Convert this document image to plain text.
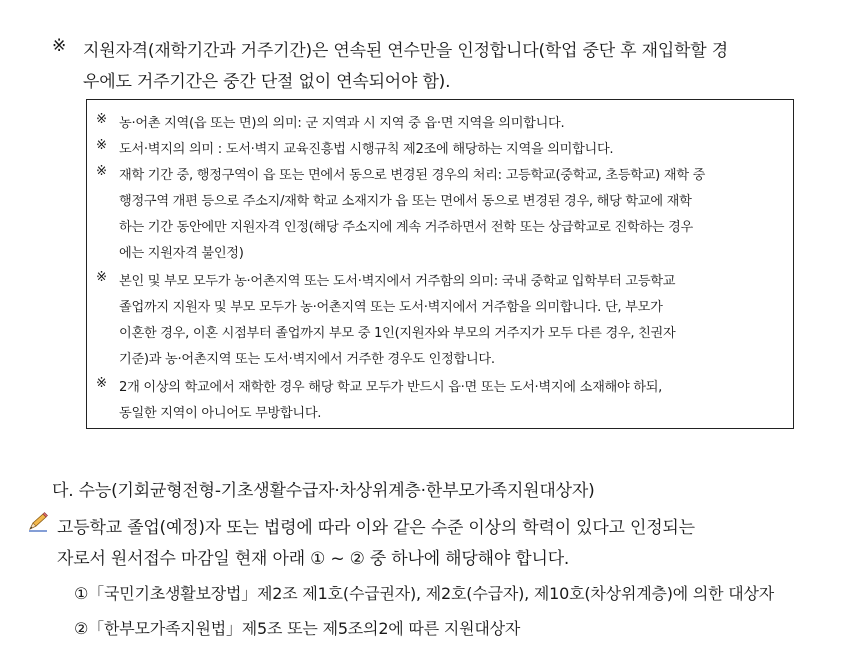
※ 지원자격(재학기간과 거주기간)은 연속된 연수만을 인정합니다(학업 중단 후 재입학할 경
우에도 거주기간은 중간 단절 없이 연속되어야 함).
※ 농·어촌 지역(읍 또는 면)의 의미: 군 지역과 시 지역 중 읍·면 지역을 의미합니다.
※ 도서·벽지의 의미 : 도서·벽지 교육진흥법 시행규칙 제2조에 해당하는 지역을 의미합니다.
※ 재학 기간 중, 행정구역이 읍 또는 면에서 동으로 변경된 경우의 처리: 고등학교(중학교, 초등학교) 재학 중
행정구역 개편 등으로 주소지/재학 학교 소재지가 읍 또는 면에서 동으로 변경된 경우, 해당 학교에 재학
하는 기간 동안에만 지원자격 인정(해당 주소지에 계속 거주하면서 전학 또는 상급학교로 진학하는 경우
에는 지원자격 불인정)
※ 본인 및 부모 모두가 농·어촌지역 또는 도서·벽지에서 거주함의 의미: 국내 중학교 입학부터 고등학교
졸업까지 지원자 및 부모 모두가 농·어촌지역 또는 도서·벽지에서 거주함을 의미합니다. 단, 부모가
이혼한 경우, 이혼 시점부터 졸업까지 부모 중 1인(지원자와 부모의 거주지가 모두 다른 경우, 친권자
기준)과 농·어촌지역 또는 도서·벽지에서 거주한 경우도 인정합니다.
※ 2개 이상의 학교에서 재학한 경우 해당 학교 모두가 반드시 읍·면 또는 도서·벽지에 소재해야 하되,
동일한 지역이 아니어도 무방합니다.
다. 수능(기회균형전형-기초생활수급자·차상위계층·한부모가족지원대상자)
고등학교 졸업(예정)자 또는 법령에 따라 이와 같은 수준 이상의 학력이 있다고 인정되는
자로서 원서접수 마감일 현재 아래 ① ~ ② 중 하나에 해당해야 합니다.
①「국민기초생활보장법」제2조 제1호(수급권자), 제2호(수급자), 제10호(차상위계층)에 의한 대상자
②「한부모가족지원법」제5조 또는 제5조의2에 따른 지원대상자
